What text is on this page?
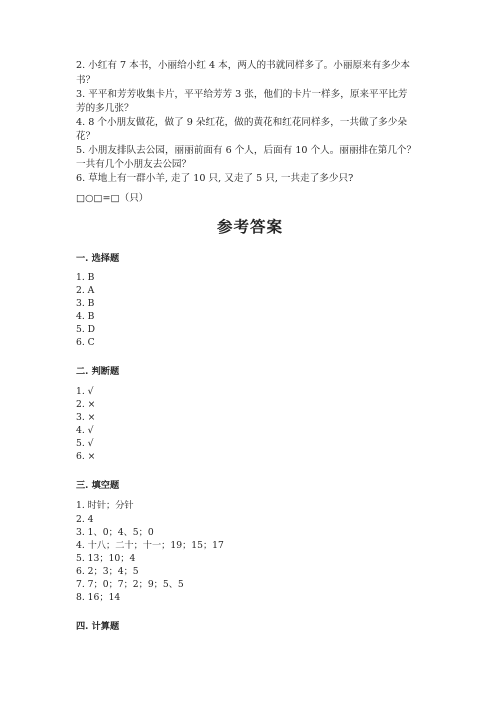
2. 小红有 7 本书，小丽给小红 4 本，两人的书就同样多了。小丽原来有多少本
书？
3. 平平和芳芳收集卡片，平平给芳芳 3 张，他们的卡片一样多，原来平平比芳
芳的多几张？
4. 8 个小朋友做花，做了 9 朵红花，做的黄花和红花同样多，一共做了多少朵
花？
5. 小朋友排队去公园，丽丽前面有 6 个人，后面有 10 个人。丽丽排在第几个？
一共有几个小朋友去公园？
6. 草地上有一群小羊, 走了 10 只, 又走了 5 只, 一共走了多少只?
□○□=□（只）
参考答案
一. 选择题
1. B
2. A
3. B
4. B
5. D
6. C
二. 判断题
1. √
2. ×
3. ×
4. √
5. √
6. ×
三. 填空题
1. 时针；分针
2. 4
3. 1、0；4、5；0
4. 十八；二十；十一；19；15；17
5. 13；10；4
6. 2；3；4；5
7. 7；0；7；2；9；5、5
8. 16；14
四. 计算题
